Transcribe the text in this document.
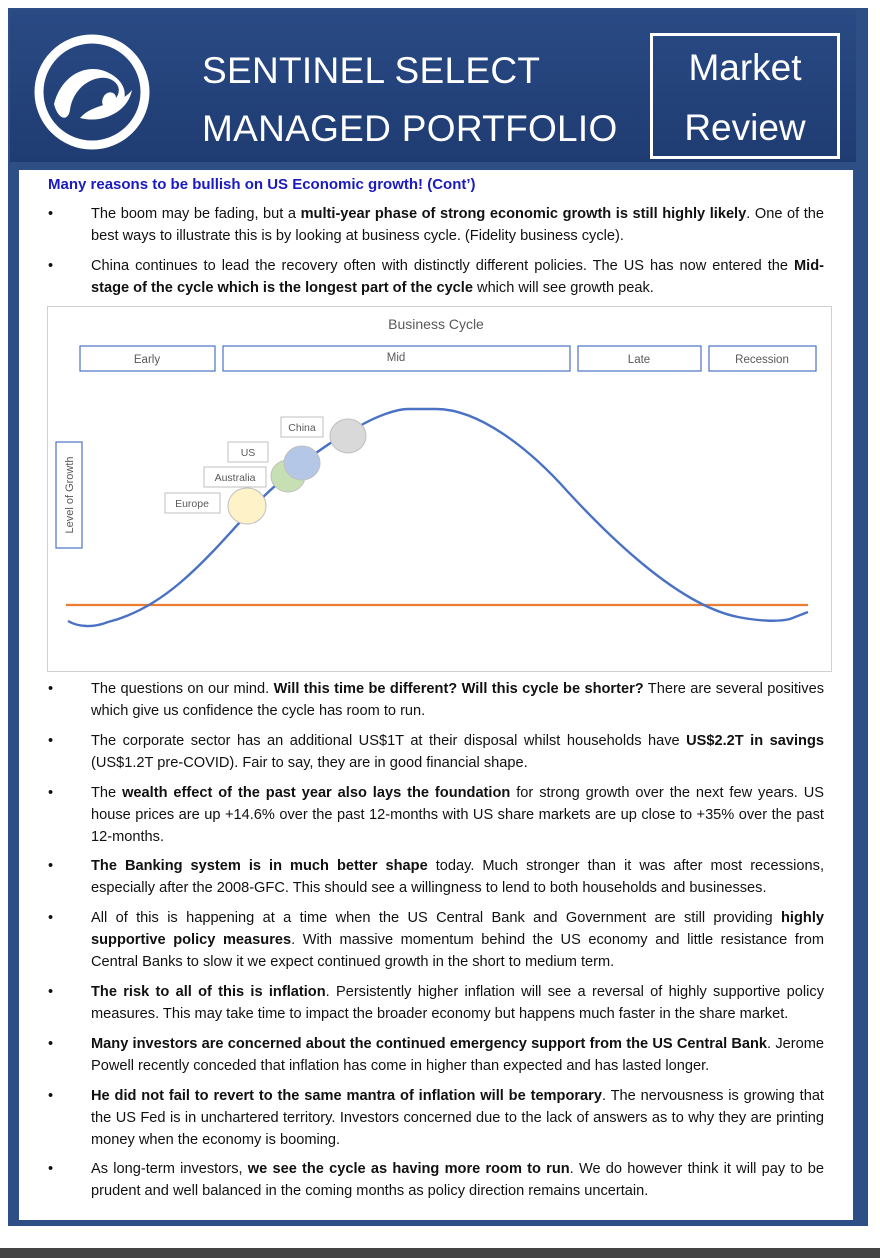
SENTINEL SELECT
MANAGED PORTFOLIO
Market
Review
Many reasons to be bullish on US Economic growth! (Cont’)
•	The boom may be fading, but a multi-year phase of strong economic growth is still highly likely. One of the best ways to illustrate this is by looking at business cycle. (Fidelity business cycle).
•	China continues to lead the recovery often with distinctly different policies. The US has now entered the Mid-stage of the cycle which is the longest part of the cycle which will see growth peak.
Business Cycle
Early	Mid	Late	Recession
Level of Growth	Europe
Australia
US
China
•	The questions on our mind. Will this time be different? Will this cycle be shorter? There are several positives which give us confidence the cycle has room to run.
•	The corporate sector has an additional US$1T at their disposal whilst households have US$2.2T in savings (US$1.2T pre-COVID). Fair to say, they are in good financial shape.
•	The wealth effect of the past year also lays the foundation for strong growth over the next few years. US house prices are up +14.6% over the past 12-months with US share markets are up close to +35% over the past 12-months.
•	The Banking system is in much better shape today. Much stronger than it was after most recessions, especially after the 2008-GFC. This should see a willingness to lend to both households and businesses.
•	All of this is happening at a time when the US Central Bank and Government are still providing highly supportive policy measures. With massive momentum behind the US economy and little resistance from Central Banks to slow it we expect continued growth in the short to medium term.
•	The risk to all of this is inflation. Persistently higher inflation will see a reversal of highly supportive policy measures. This may take time to impact the broader economy but happens much faster in the share market.
•	Many investors are concerned about the continued emergency support from the US Central Bank. Jerome Powell recently conceded that inflation has come in higher than expected and has lasted longer.
•	He did not fail to revert to the same mantra of inflation will be temporary. The nervousness is growing that the US Fed is in unchartered territory. Investors concerned due to the lack of answers as to why they are printing money when the economy is booming.
•	As long-term investors, we see the cycle as having more room to run. We do however think it will pay to be prudent and well balanced in the coming months as policy direction remains uncertain.
